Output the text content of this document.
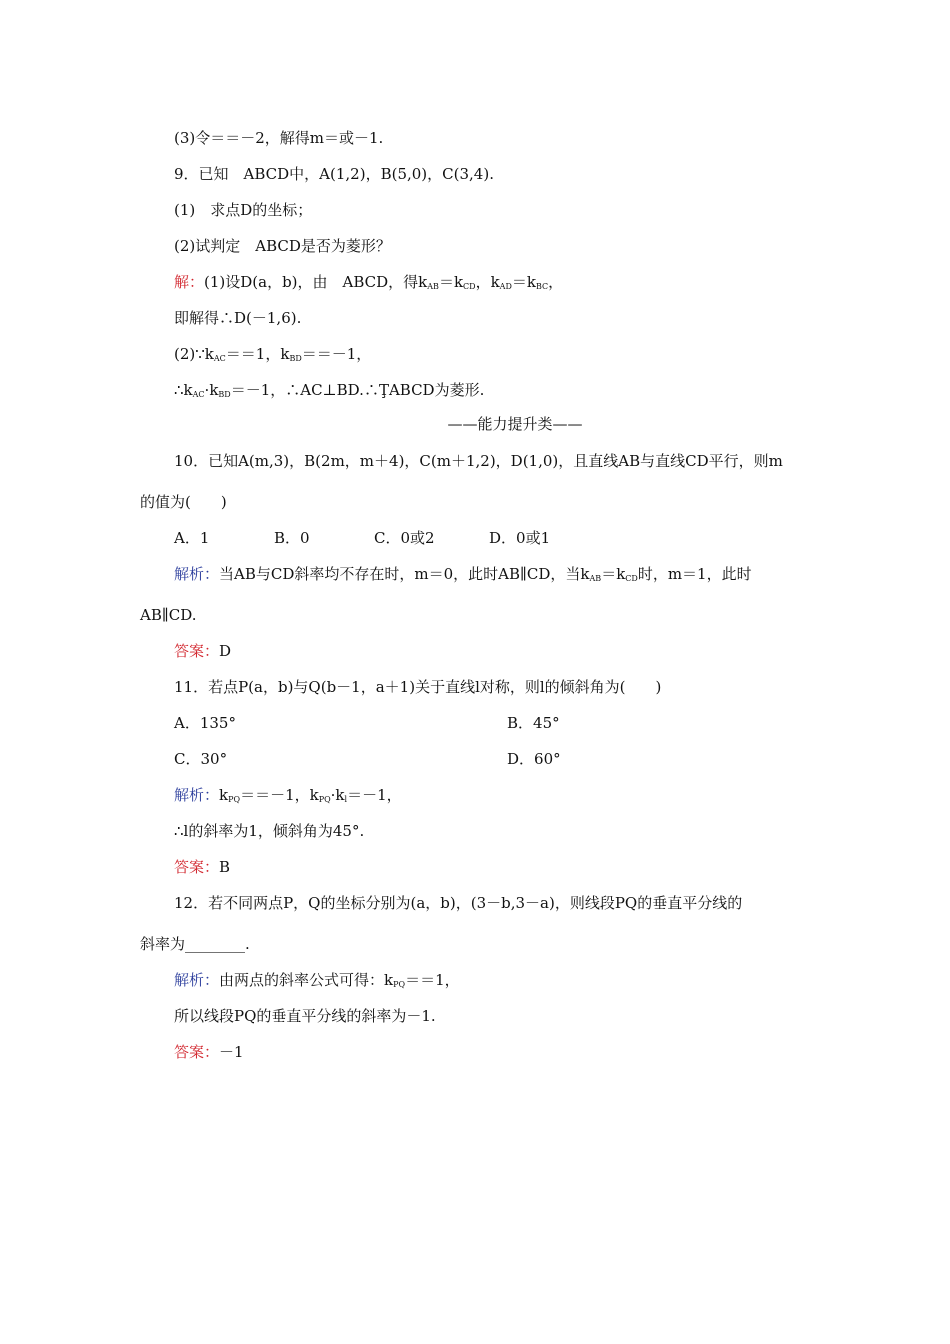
(3)令＝＝－2，解得m＝或－1.
9．已知　ABCD中，A(1,2)，B(5,0)，C(3,4).
(1)　求点D的坐标；
(2)试判定　ABCD是否为菱形？
解：(1)设D(a，b)，由　ABCD，得$k_{AB}=k_{CD}$，$k_{AD}=k_{BC}$，
即解得∴D(－1,6).
$(2)\because k_{AC}==1$，$k_{BD}==-1$，
$\therefore k_{AC}\cdot k_{BD}=-1$，∴AC⊥BD.∴ŢABCD为菱形.
——能力提升类——
10．已知A(m,3)，B(2m，m＋4)，C(m＋1,2)，D(1,0)，且直线AB与直线CD平行，则m
的值为(　　)
A．1	B．0	C．0或2	D．0或1
解析：当AB与CD斜率均不存在时，m＝0，此时AB∥CD，当$k_{AB}=k_{CD}$时，m＝1，此时
AB∥CD.
答案：D
11．若点P(a，b)与Q(b－1，a＋1)关于直线l对称，则l的倾斜角为(　　)
A．135°	B．45°
C．30°	D．60°
解析：$k_{PQ}==-1$，$k_{PQ}\cdot k_l=-1$，
∴l的斜率为1，倾斜角为45°.
答案：B
12．若不同两点P，Q的坐标分别为(a，b)，(3－b,3－a)，则线段PQ的垂直平分线的
斜率为________.
解析：由两点的斜率公式可得：$k_{PQ}==1$，
所以线段PQ的垂直平分线的斜率为－1.
答案：－1
